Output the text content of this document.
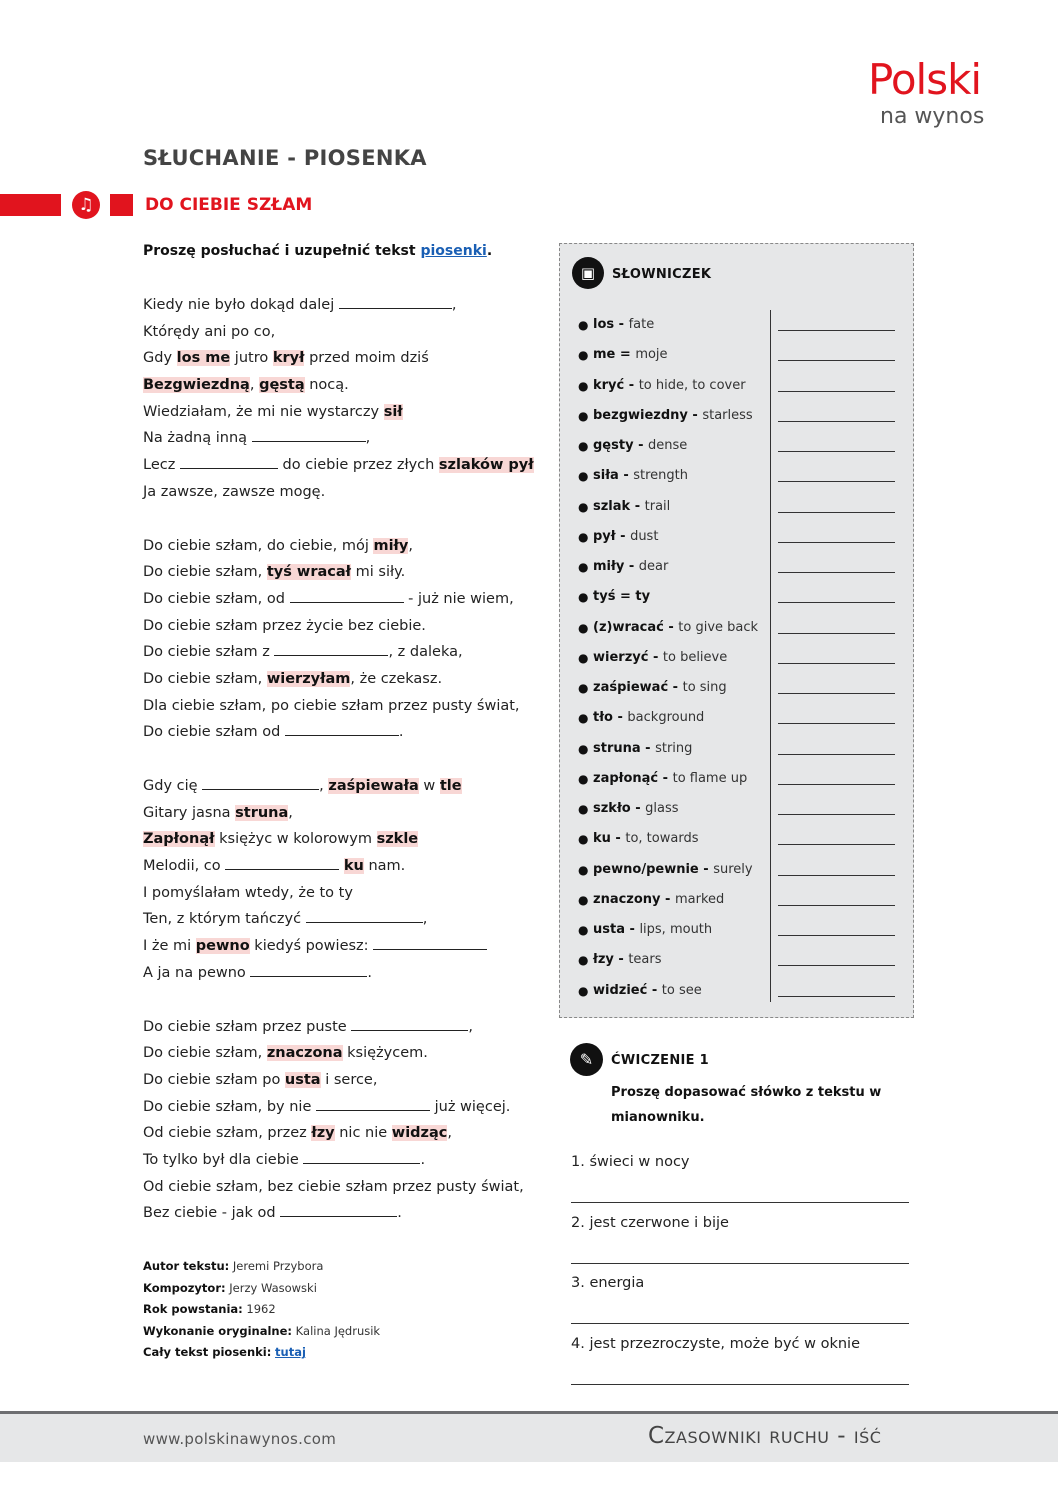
Polski
na wynos
SŁUCHANIE - PIOSENKA
♫	DO CIEBIE SZŁAM
Proszę posłuchać i uzupełnić tekst piosenki.
Kiedy nie było dokąd dalej	,
Którędy ani po co,
Gdy los me jutro krył przed moim dziś
Bezgwiezdną, gęstą nocą.
Wiedziałam, że mi nie wystarczy sił
Na żadną inną	,
Lecz	do ciebie przez złych szlaków pył
Ja zawsze, zawsze mogę.
Do ciebie szłam, do ciebie, mój miły,
Do ciebie szłam, tyś wracał mi siły.
Do ciebie szłam, od	- już nie wiem,
Do ciebie szłam przez życie bez ciebie.
Do ciebie szłam z	, z daleka,
Do ciebie szłam, wierzyłam, że czekasz.
Dla ciebie szłam, po ciebie szłam przez pusty świat,
Do ciebie szłam od	.
Gdy cię	, zaśpiewała w tle
Gitary jasna struna,
Zapłonął księżyc w kolorowym szkle
Melodii, co	ku nam.
I pomyślałam wtedy, że to ty
Ten, z którym tańczyć	,
I że mi pewno kiedyś powiesz:
A ja na pewno	.
Do ciebie szłam przez puste	,
Do ciebie szłam, znaczona księżycem.
Do ciebie szłam po usta i serce,
Do ciebie szłam, by nie	już więcej.
Od ciebie szłam, przez łzy nic nie widząc,
To tylko był dla ciebie	.
Od ciebie szłam, bez ciebie szłam przez pusty świat,
Bez ciebie - jak od	.
Autor tekstu: Jeremi Przybora
Kompozytor: Jerzy Wasowski
Rok powstania: 1962
Wykonanie oryginalne: Kalina Jędrusik
Cały tekst piosenki: tutaj
▣	SŁOWNICZEK
● los - fate
● me = moje
● kryć - to hide, to cover
● bezgwiezdny - starless
● gęsty - dense
● siła - strength
● szlak - trail
● pył - dust
● miły - dear
● tyś = ty
● (z)wracać - to give back
● wierzyć - to believe
● zaśpiewać - to sing
● tło - background
● struna - string
● zapłonąć - to flame up
● szkło - glass
● ku - to, towards
● pewno/pewnie - surely
● znaczony - marked
● usta - lips, mouth
● łzy - tears
● widzieć - to see
✎	ĆWICZENIE 1
Proszę dopasować słówko z tekstu w mianowniku.
1. świeci w nocy
2. jest czerwone i bije
3. energia
4. jest przezroczyste, może być w oknie
www.polskinawynos.com	Czasowniki ruchu - iść
